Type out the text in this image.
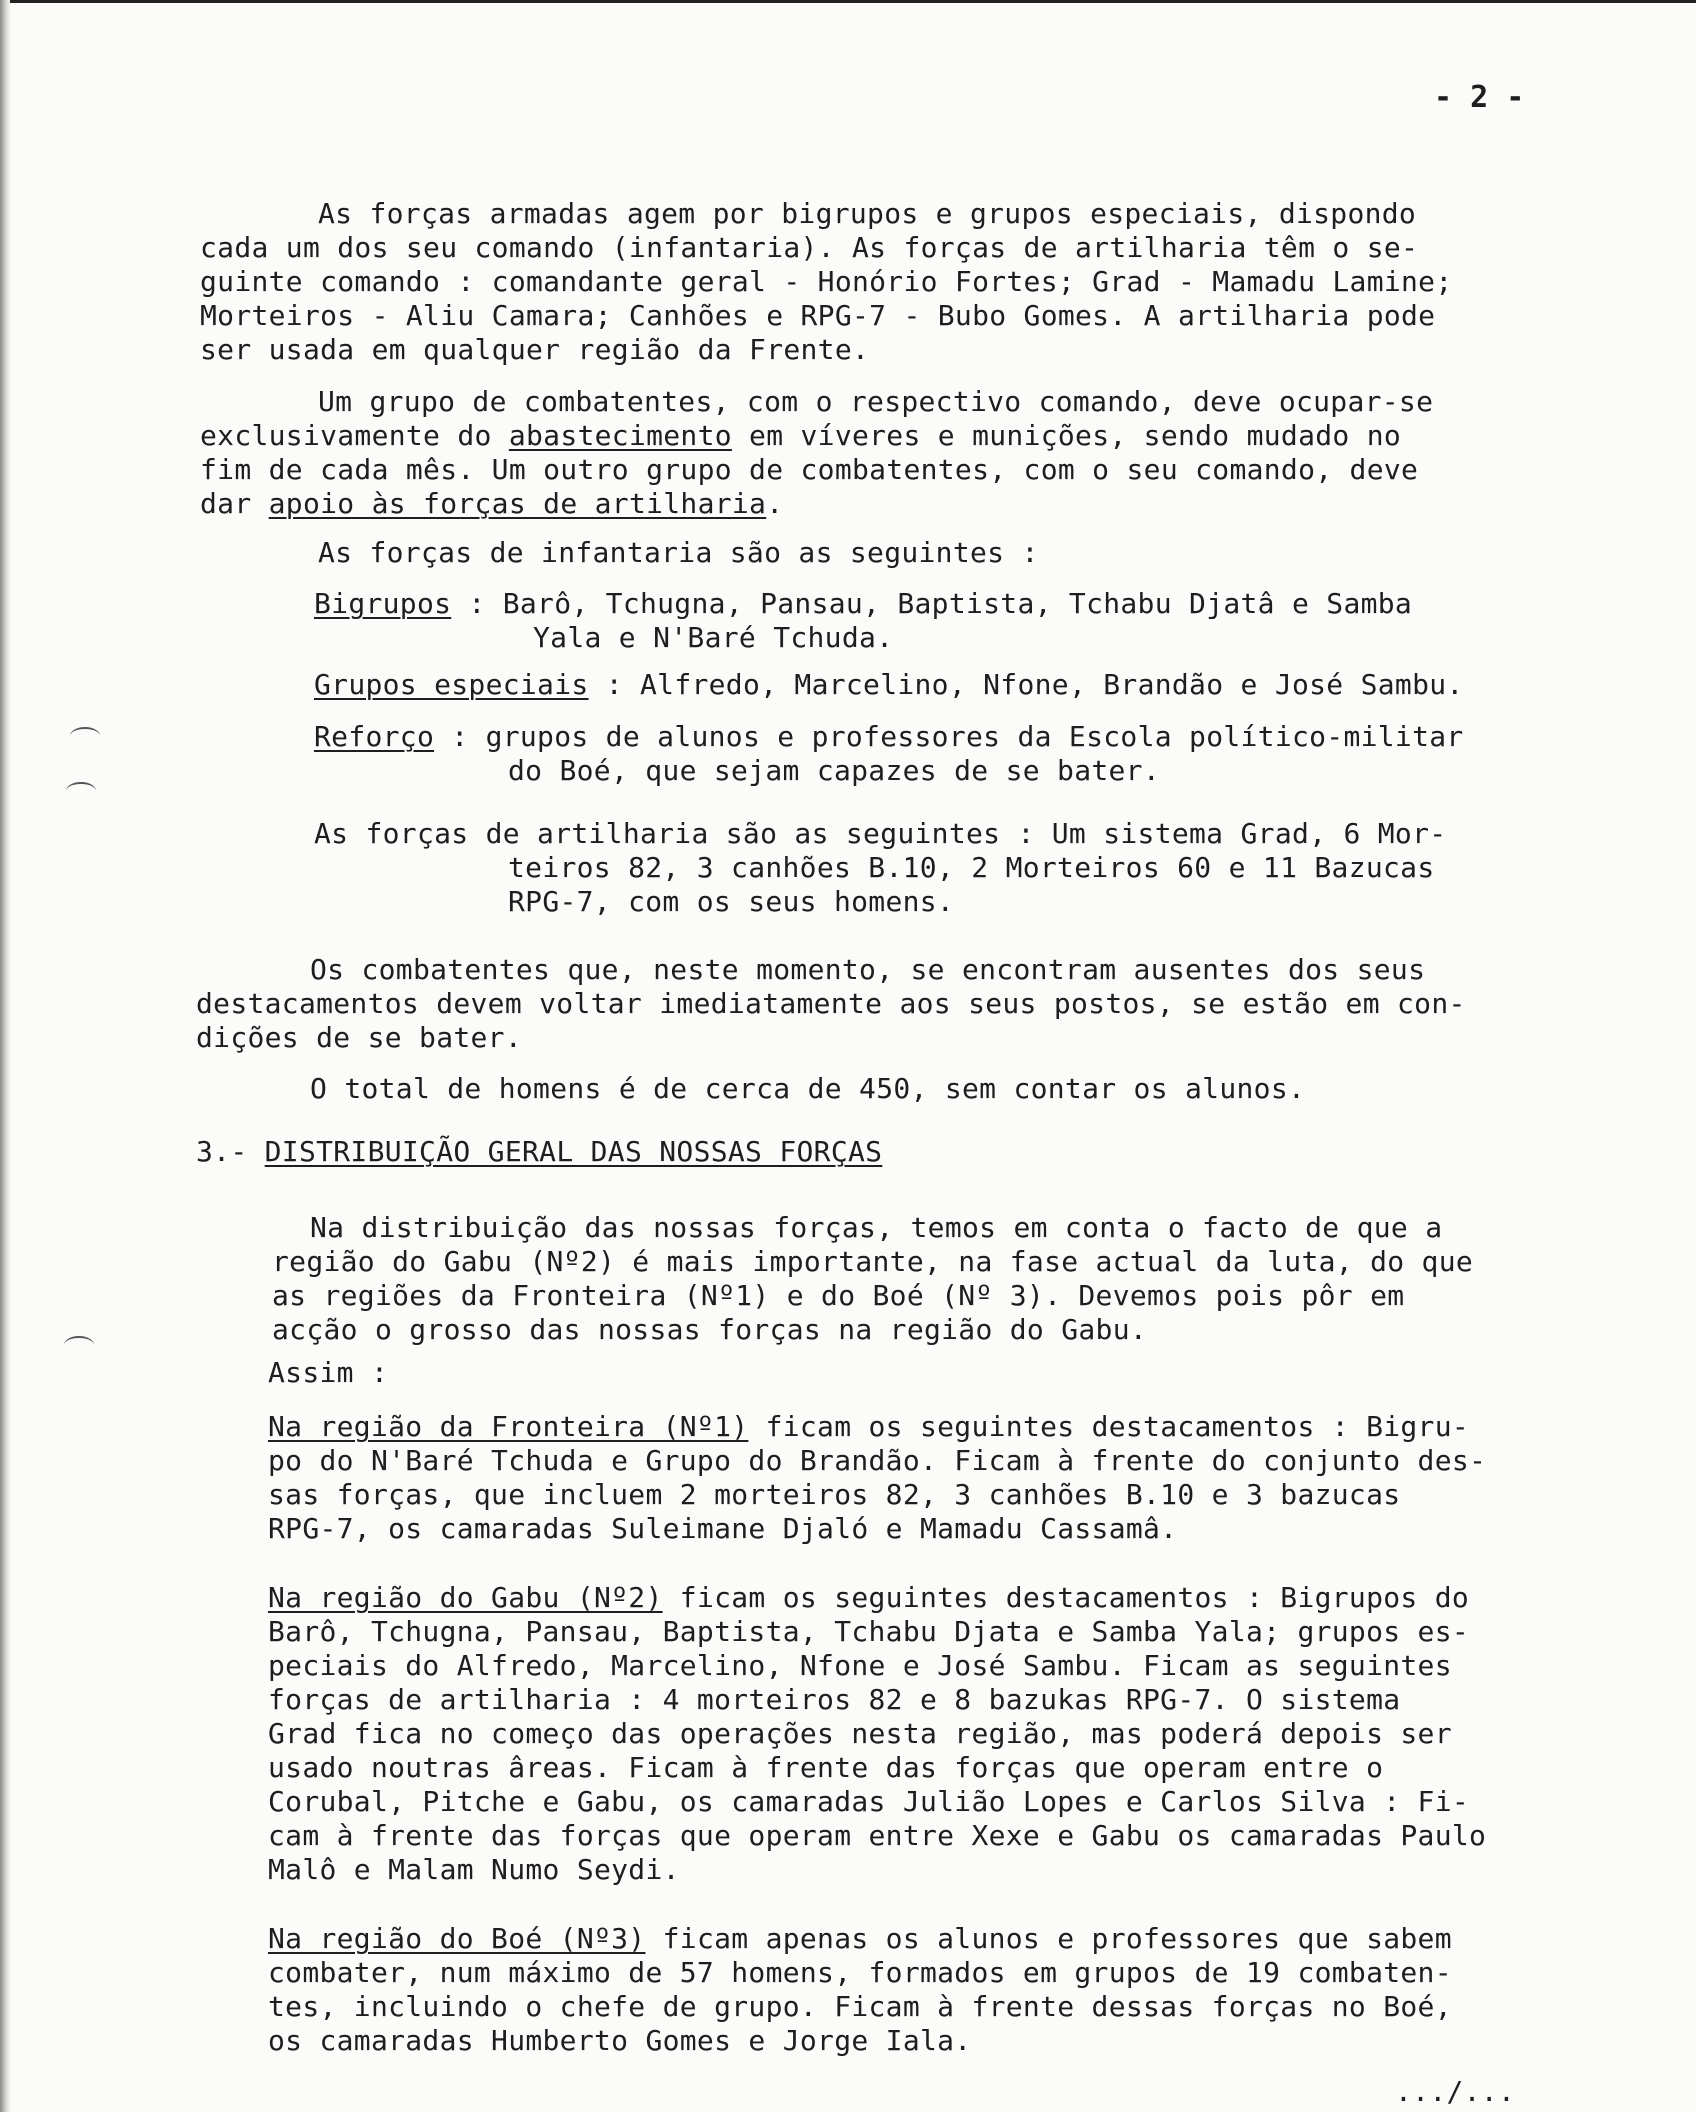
- 2 -
As forças armadas agem por bigrupos e grupos especiais, dispondo
cada um dos seu comando (infantaria). As forças de artilharia têm o se-
guinte comando : comandante geral - Honório Fortes; Grad - Mamadu Lamine;
Morteiros - Aliu Camara; Canhões e RPG-7 - Bubo Gomes. A artilharia pode
ser usada em qualquer região da Frente.
Um grupo de combatentes, com o respectivo comando, deve ocupar-se
exclusivamente do abastecimento em víveres e munições, sendo mudado no
fim de cada mês. Um outro grupo de combatentes, com o seu comando, deve
dar apoio às forças de artilharia.
As forças de infantaria são as seguintes :
Bigrupos : Barô, Tchugna, Pansau, Baptista, Tchabu Djatâ e Samba
Yala e N'Baré Tchuda.
Grupos especiais : Alfredo, Marcelino, Nfone, Brandão e José Sambu.
Reforço : grupos de alunos e professores da Escola político-militar
do Boé, que sejam capazes de se bater.
As forças de artilharia são as seguintes : Um sistema Grad, 6 Mor-
teiros 82, 3 canhões B.10, 2 Morteiros 60 e 11 Bazucas
RPG-7, com os seus homens.
Os combatentes que, neste momento, se encontram ausentes dos seus
destacamentos devem voltar imediatamente aos seus postos, se estão em con-
dições de se bater.
O total de homens é de cerca de 450, sem contar os alunos.
3.- DISTRIBUIÇÃO GERAL DAS NOSSAS FORÇAS
Na distribuição das nossas forças, temos em conta o facto de que a
região do Gabu (Nº2) é mais importante, na fase actual da luta, do que
as regiões da Fronteira (Nº1) e do Boé (Nº 3). Devemos pois pôr em
acção o grosso das nossas forças na região do Gabu.
Assim :
Na região da Fronteira (Nº1) ficam os seguintes destacamentos : Bigru-
po do N'Baré Tchuda e Grupo do Brandão. Ficam à frente do conjunto des-
sas forças, que incluem 2 morteiros 82, 3 canhões B.10 e 3 bazucas
RPG-7, os camaradas Suleimane Djaló e Mamadu Cassamâ.
Na região do Gabu (Nº2) ficam os seguintes destacamentos : Bigrupos do
Barô, Tchugna, Pansau, Baptista, Tchabu Djata e Samba Yala; grupos es-
peciais do Alfredo, Marcelino, Nfone e José Sambu. Ficam as seguintes
forças de artilharia : 4 morteiros 82 e 8 bazukas RPG-7. O sistema
Grad fica no começo das operações nesta região, mas poderá depois ser
usado noutras âreas. Ficam à frente das forças que operam entre o
Corubal, Pitche e Gabu, os camaradas Julião Lopes e Carlos Silva : Fi-
cam à frente das forças que operam entre Xexe e Gabu os camaradas Paulo
Malô e Malam Numo Seydi.
Na região do Boé (Nº3) ficam apenas os alunos e professores que sabem
combater, num máximo de 57 homens, formados em grupos de 19 combaten-
tes, incluindo o chefe de grupo. Ficam à frente dessas forças no Boé,
os camaradas Humberto Gomes e Jorge Iala.
.../...
